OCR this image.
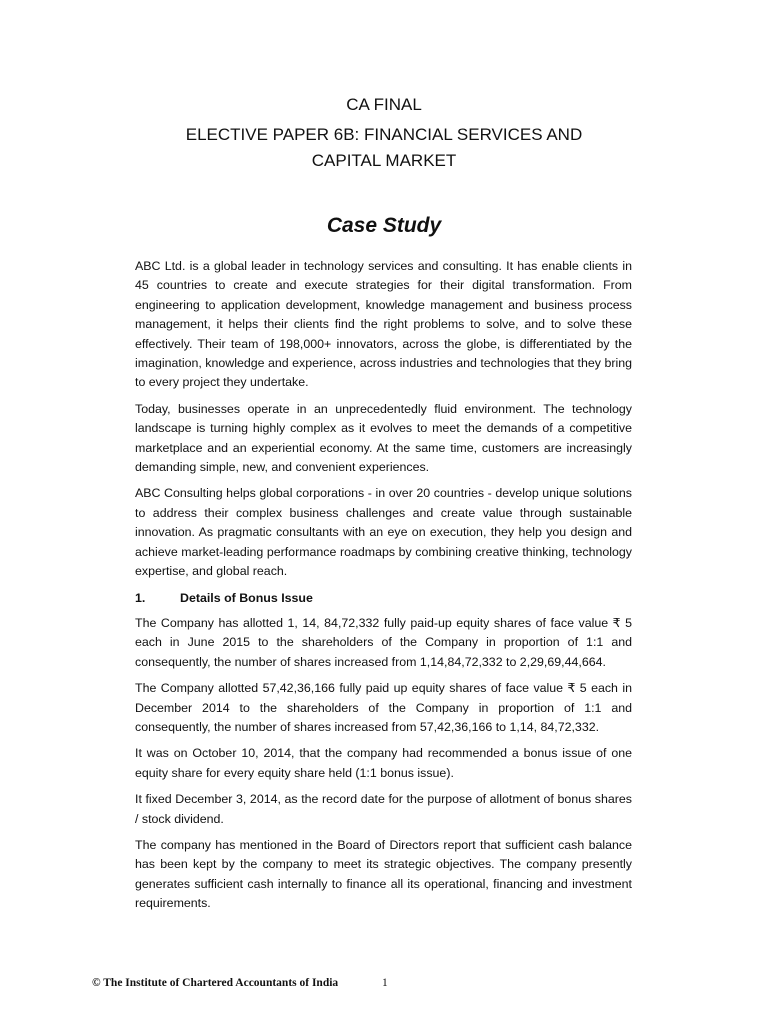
CA FINAL
ELECTIVE PAPER 6B: FINANCIAL SERVICES AND
CAPITAL MARKET
Case Study

ABC Ltd. is a global leader in technology services and consulting. It has enable clients in 45 countries to create and execute strategies for their digital transformation. From engineering to application development, knowledge management and business process management, it helps their clients find the right problems to solve, and to solve these effectively. Their team of 198,000+ innovators, across the globe, is differentiated by the imagination, knowledge and experience, across industries and technologies that they bring to every project they undertake.

Today, businesses operate in an unprecedentedly fluid environment. The technology landscape is turning highly complex as it evolves to meet the demands of a competitive marketplace and an experiential economy. At the same time, customers are increasingly demanding simple, new, and convenient experiences.

ABC Consulting helps global corporations - in over 20 countries - develop unique solutions to address their complex business challenges and create value through sustainable innovation. As pragmatic consultants with an eye on execution, they help you design and achieve market-leading performance roadmaps by combining creative thinking, technology expertise, and global reach.

1.	Details of Bonus Issue

The Company has allotted 1, 14, 84,72,332 fully paid-up equity shares of face value ₹ 5 each in June 2015 to the shareholders of the Company in proportion of 1:1 and consequently, the number of shares increased from 1,14,84,72,332 to 2,29,69,44,664.

The Company allotted 57,42,36,166 fully paid up equity shares of face value ₹ 5 each in December 2014 to the shareholders of the Company in proportion of 1:1 and consequently, the number of shares increased from 57,42,36,166 to 1,14, 84,72,332.

It was on October 10, 2014, that the company had recommended a bonus issue of one equity share for every equity share held (1:1 bonus issue).

It fixed December 3, 2014, as the record date for the purpose of allotment of bonus shares / stock dividend.

The company has mentioned in the Board of Directors report that sufficient cash balance has been kept by the company to meet its strategic objectives. The company presently generates sufficient cash internally to finance all its operational, financing and investment requirements.

© The Institute of Chartered Accountants of India	1
